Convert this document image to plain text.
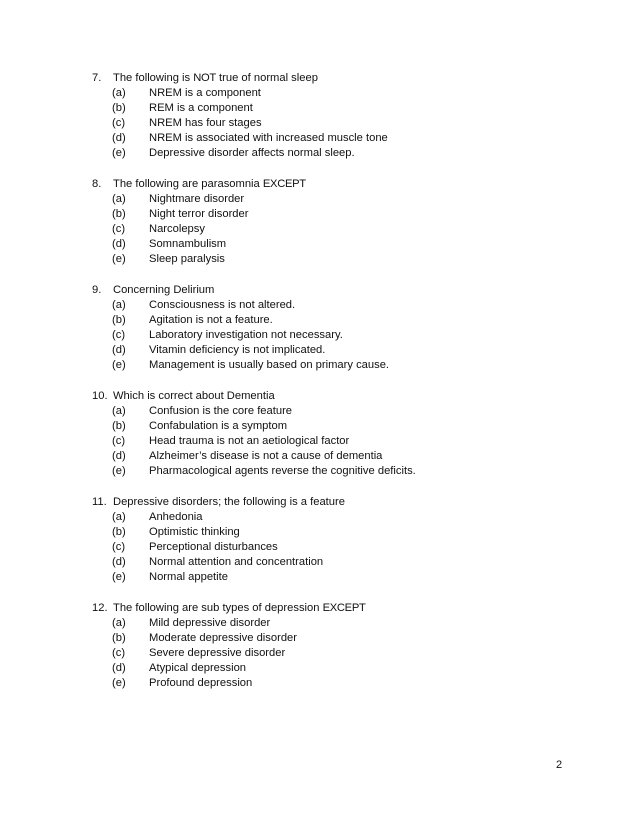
7.	The following is NOT true of normal sleep
(a)	NREM is a component
(b)	REM is a component
(c)	NREM has four stages
(d)	NREM is associated with increased muscle tone
(e)	Depressive disorder affects normal sleep.
8.	The following are parasomnia EXCEPT
(a)	Nightmare disorder
(b)	Night terror disorder
(c)	Narcolepsy
(d)	Somnambulism
(e)	Sleep paralysis
9.	Concerning Delirium
(a)	Consciousness is not altered.
(b)	Agitation is not a feature.
(c)	Laboratory investigation not necessary.
(d)	Vitamin deficiency is not implicated.
(e)	Management is usually based on primary cause.
10. Which is correct about Dementia
(a)	Confusion is the core feature
(b)	Confabulation is a symptom
(c)	Head trauma is not an aetiological factor
(d)	Alzheimer’s disease is not a cause of dementia
(e)	Pharmacological agents reverse the cognitive deficits.
11. Depressive disorders; the following is a feature
(a)	Anhedonia
(b)	Optimistic thinking
(c)	Perceptional disturbances
(d)	Normal attention and concentration
(e)	Normal appetite
12. The following are sub types of depression EXCEPT
(a)	Mild depressive disorder
(b)	Moderate depressive disorder
(c)	Severe depressive disorder
(d)	Atypical depression
(e)	Profound depression
2
